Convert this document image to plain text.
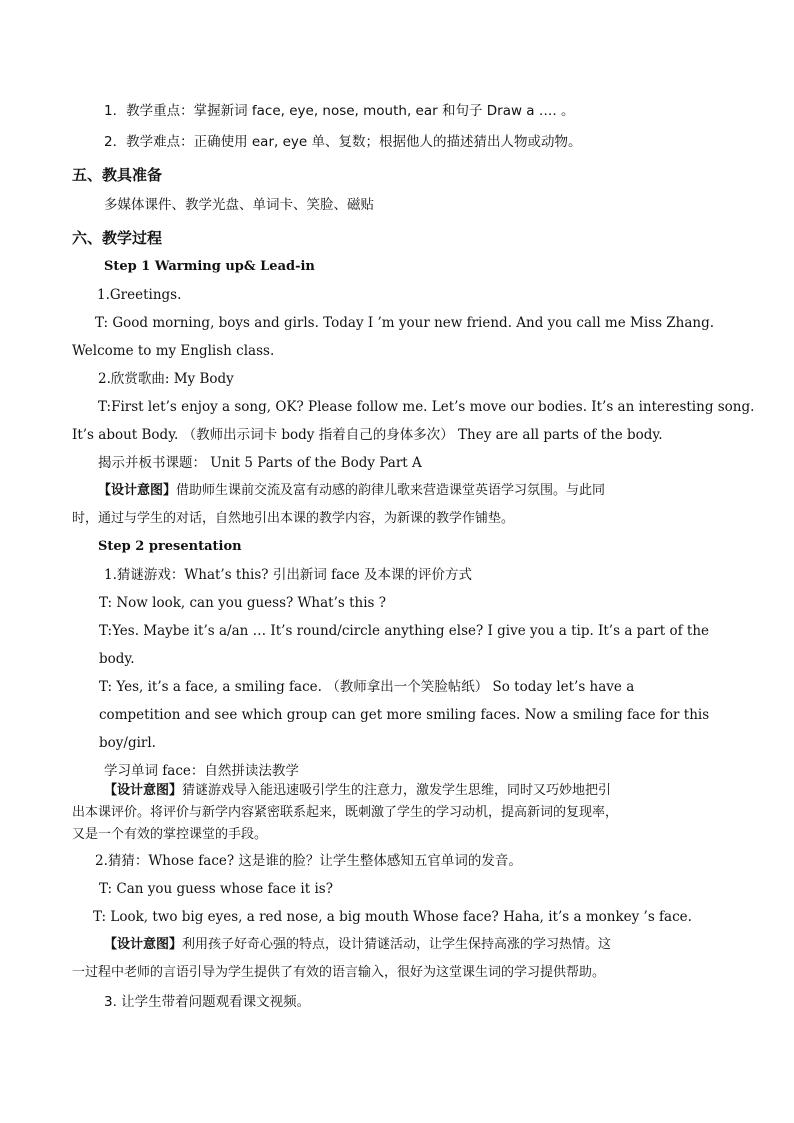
1．教学重点：掌握新词 face, eye, nose, mouth, ear 和句子 Draw a …. 。
2．教学难点：正确使用 ear, eye 单、复数；根据他人的描述猜出人物或动物。
五、教具准备
多媒体课件、教学光盘、单词卡、笑脸、磁贴
六、教学过程
Step 1 Warming up& Lead-in
1.Greetings.
T: Good morning, boys and girls. Today I ’m your new friend. And you call me Miss Zhang.
Welcome to my English class.
2.欣赏歌曲: My Body
T:First let’s enjoy a song, OK? Please follow me. Let’s move our bodies. It’s an interesting song.
It’s about Body. （教师出示词卡 body 指着自己的身体多次） They are all parts of the body.
揭示并板书课题： Unit 5 Parts of the Body Part A
【设计意图】借助师生课前交流及富有动感的韵律儿歌来营造课堂英语学习氛围。与此同
时，通过与学生的对话，自然地引出本课的教学内容，为新课的教学作铺垫。
Step 2 presentation
1.猜谜游戏：What’s this? 引出新词 face 及本课的评价方式
T: Now look, can you guess? What’s this ?
T:Yes. Maybe it’s a/an … It’s round/circle anything else? I give you a tip. It’s a part of the
body.
T: Yes, it’s a face, a smiling face. （教师拿出一个笑脸帖纸） So today let’s have a
competition and see which group can get more smiling faces. Now a smiling face for this
boy/girl.
学习单词 face：自然拼读法教学
【设计意图】猜谜游戏导入能迅速吸引学生的注意力，激发学生思维，同时又巧妙地把引
出本课评价。将评价与新学内容紧密联系起来，既刺激了学生的学习动机，提高新词的复现率，
又是一个有效的掌控课堂的手段。
2.猜猜：Whose face? 这是谁的脸？让学生整体感知五官单词的发音。
T: Can you guess whose face it is?
T: Look, two big eyes, a red nose, a big mouth Whose face? Haha, it’s a monkey ’s face.
【设计意图】利用孩子好奇心强的特点，设计猜谜活动，让学生保持高涨的学习热情。这
一过程中老师的言语引导为学生提供了有效的语言输入，很好为这堂课生词的学习提供帮助。
3. 让学生带着问题观看课文视频。
